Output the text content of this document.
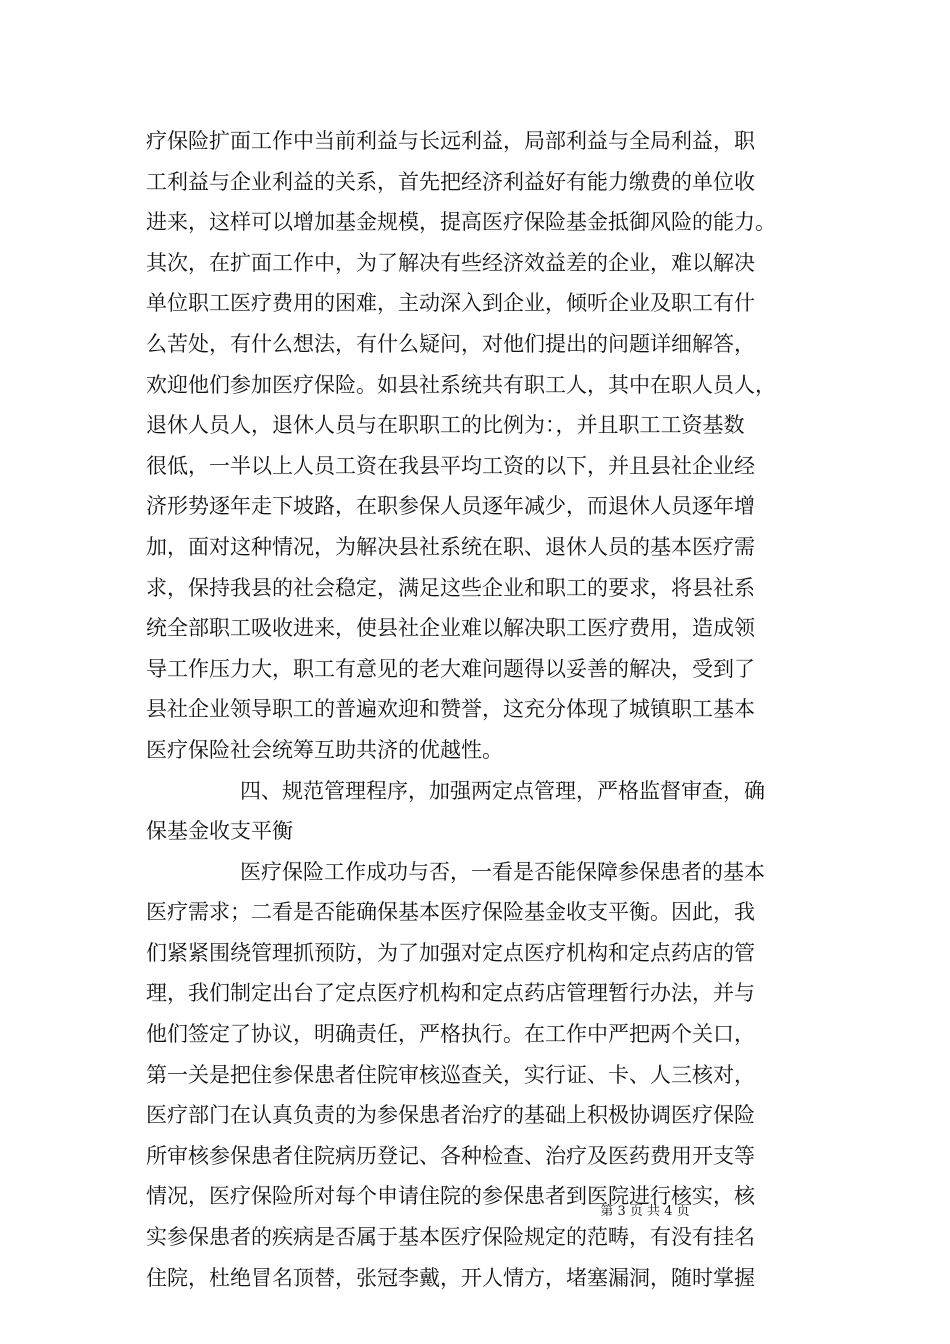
疗保险扩面工作中当前利益与长远利益，局部利益与全局利益，职
工利益与企业利益的关系，首先把经济利益好有能力缴费的单位收
进来，这样可以增加基金规模，提高医疗保险基金抵御风险的能力。
其次，在扩面工作中，为了解决有些经济效益差的企业，难以解决
单位职工医疗费用的困难，主动深入到企业，倾听企业及职工有什
么苦处，有什么想法，有什么疑问，对他们提出的问题详细解答，
欢迎他们参加医疗保险。如县社系统共有职工人，其中在职人员人，
退休人员人，退休人员与在职职工的比例为：，并且职工工资基数
很低，一半以上人员工资在我县平均工资的以下，并且县社企业经
济形势逐年走下坡路，在职参保人员逐年减少，而退休人员逐年增
加，面对这种情况，为解决县社系统在职、退休人员的基本医疗需
求，保持我县的社会稳定，满足这些企业和职工的要求，将县社系
统全部职工吸收进来，使县社企业难以解决职工医疗费用，造成领
导工作压力大，职工有意见的老大难问题得以妥善的解决，受到了
县社企业领导职工的普遍欢迎和赞誉，这充分体现了城镇职工基本
医疗保险社会统筹互助共济的优越性。
四、规范管理程序，加强两定点管理，严格监督审查，确
保基金收支平衡
医疗保险工作成功与否，一看是否能保障参保患者的基本
医疗需求；二看是否能确保基本医疗保险基金收支平衡。因此，我
们紧紧围绕管理抓预防，为了加强对定点医疗机构和定点药店的管
理，我们制定出台了定点医疗机构和定点药店管理暂行办法，并与
他们签定了协议，明确责任，严格执行。在工作中严把两个关口，
第一关是把住参保患者住院审核巡查关，实行证、卡、人三核对，
医疗部门在认真负责的为参保患者治疗的基础上积极协调医疗保险
所审核参保患者住院病历登记、各种检查、治疗及医药费用开支等
情况，医疗保险所对每个申请住院的参保患者到医院进行核实，核
实参保患者的疾病是否属于基本医疗保险规定的范畴，有没有挂名
住院，杜绝冒名顶替，张冠李戴，开人情方，堵塞漏洞，随时掌握
第 3 页 共 4 页
